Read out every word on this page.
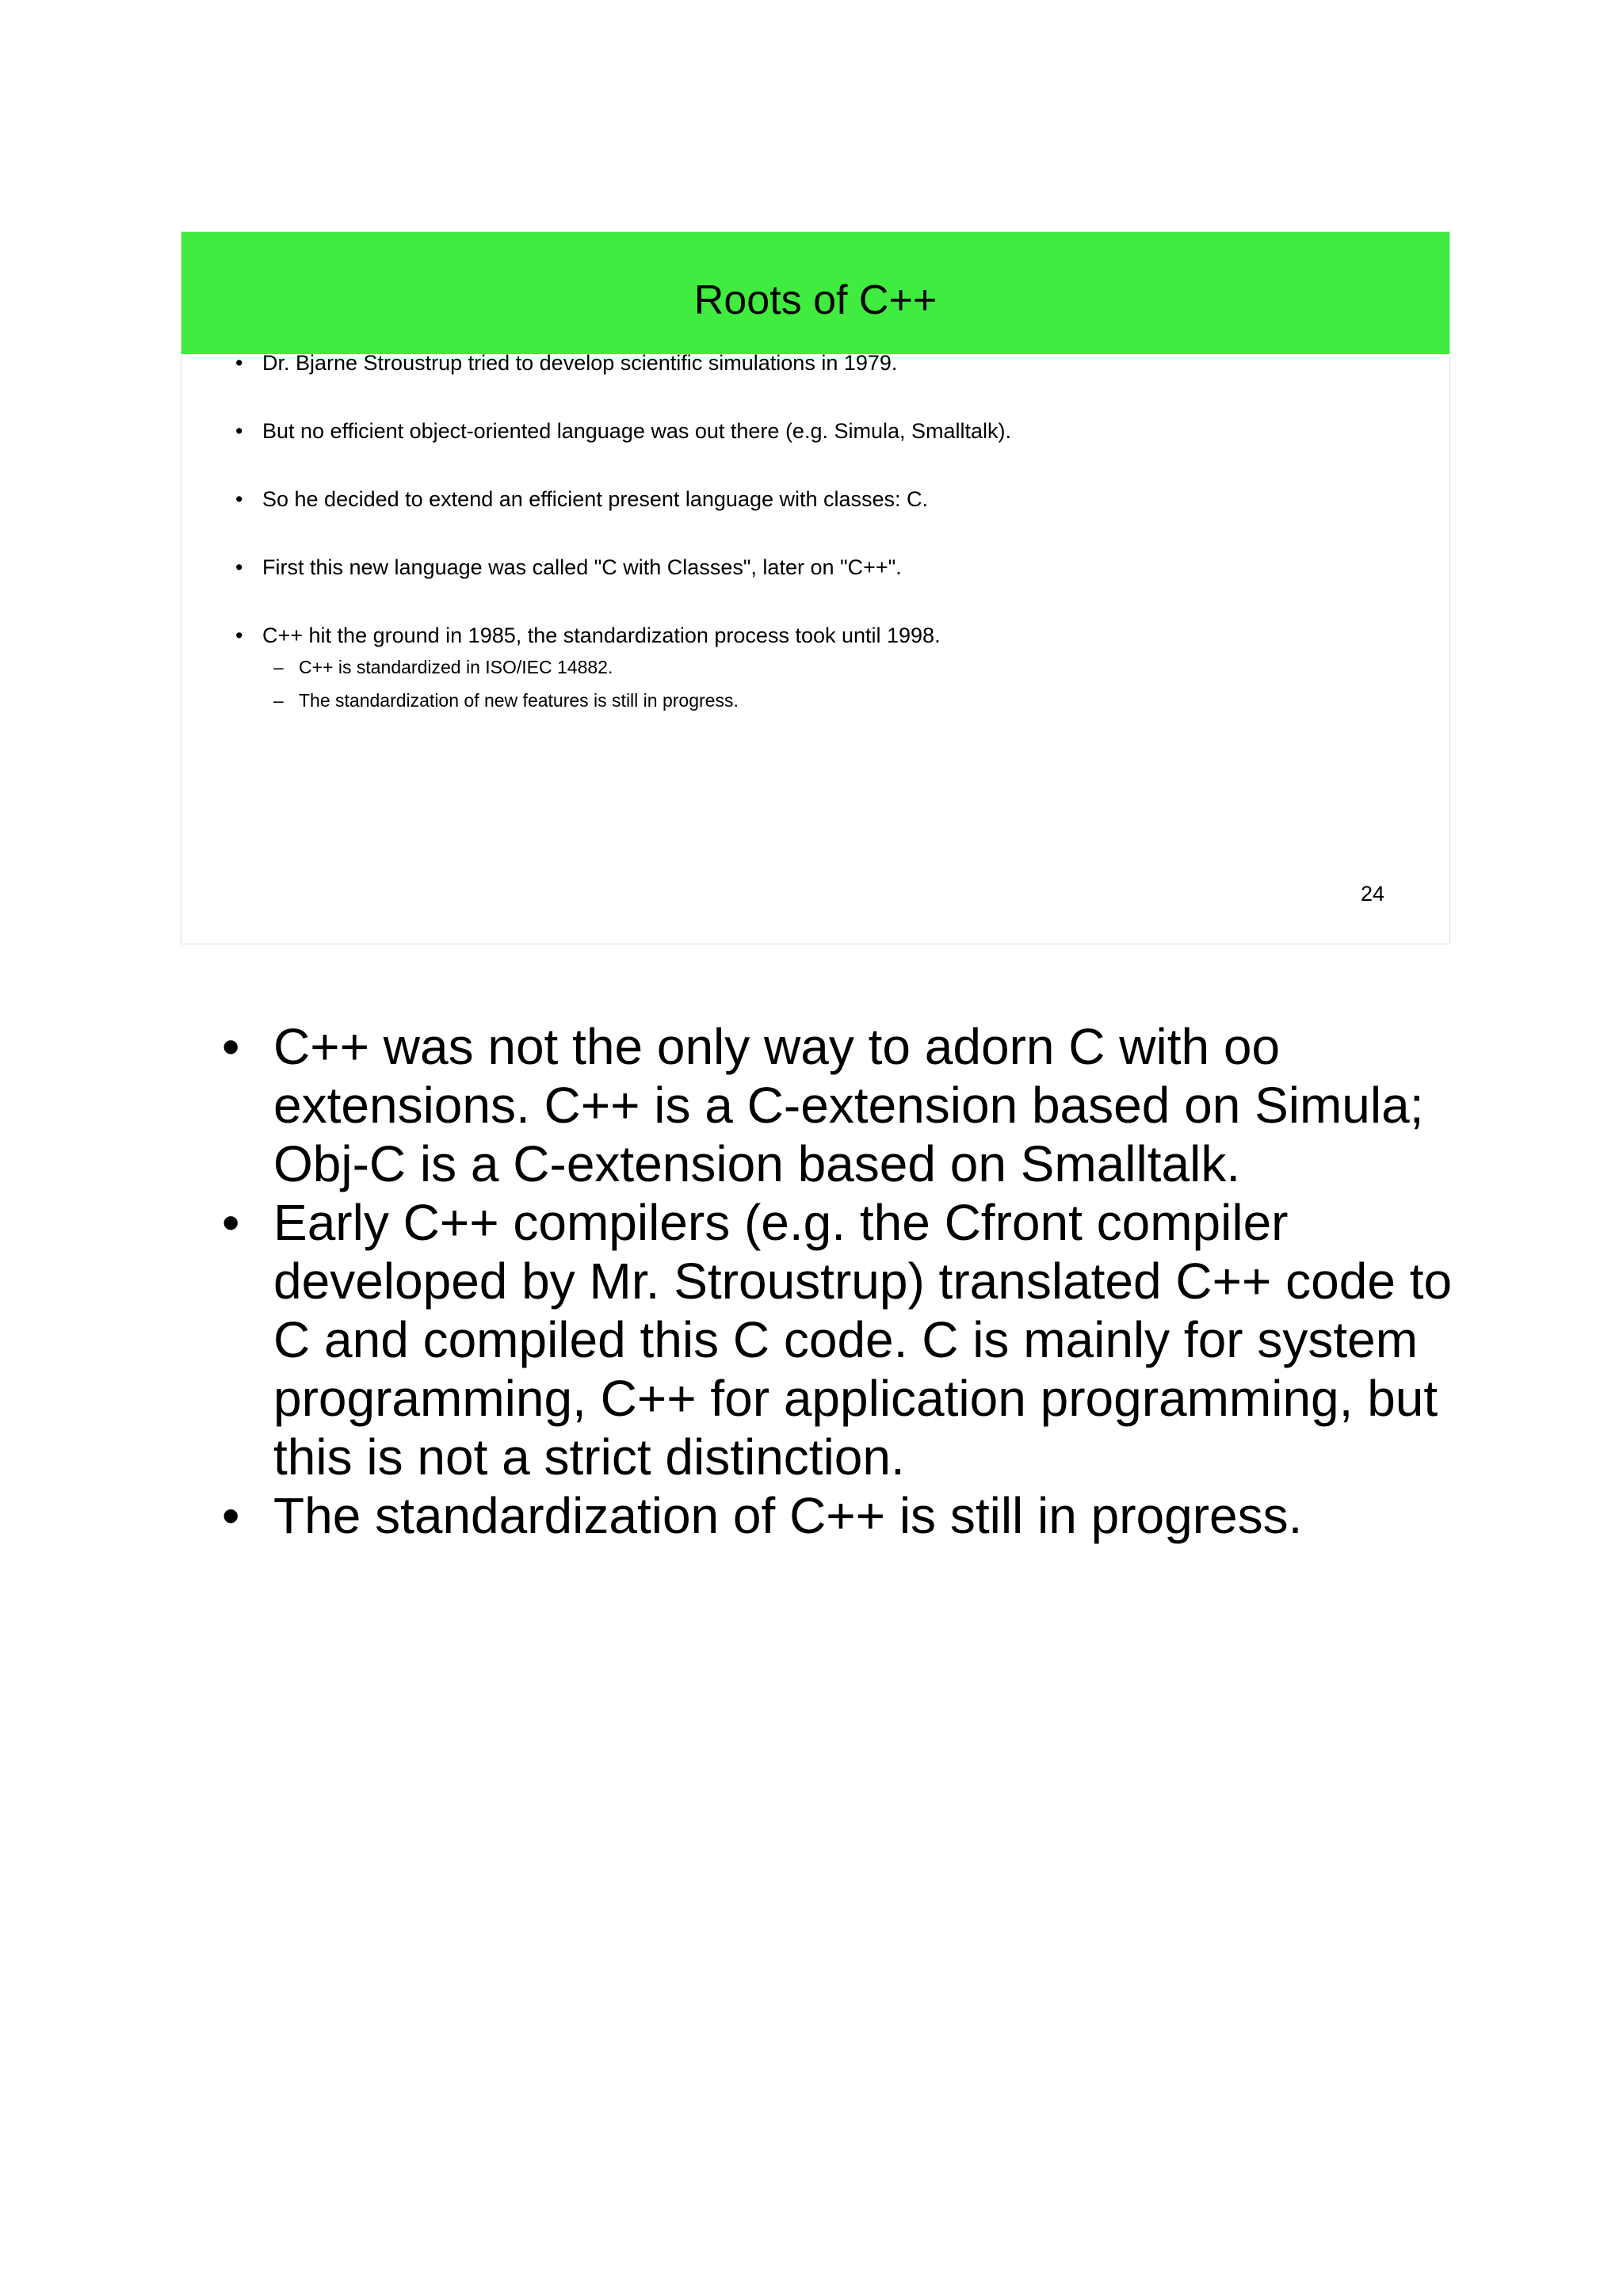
Roots of C++
• Dr. Bjarne Stroustrup tried to develop scientific simulations in 1979.
• But no efficient object-oriented language was out there (e.g. Simula, Smalltalk).
• So he decided to extend an efficient present language with classes: C.
• First this new language was called "C with Classes", later on "C++".
• C++ hit the ground in 1985, the standardization process took until 1998.
– C++ is standardized in ISO/IEC 14882.
– The standardization of new features is still in progress.
24
• C++ was not the only way to adorn C with oo extensions. C++ is a C-extension based on Simula; Obj-C is a C-extension based on Smalltalk.
• Early C++ compilers (e.g. the Cfront compiler developed by Mr. Stroustrup) translated C++ code to C and compiled this C code. C is mainly for system programming, C++ for application programming, but this is not a strict distinction.
• The standardization of C++ is still in progress.
